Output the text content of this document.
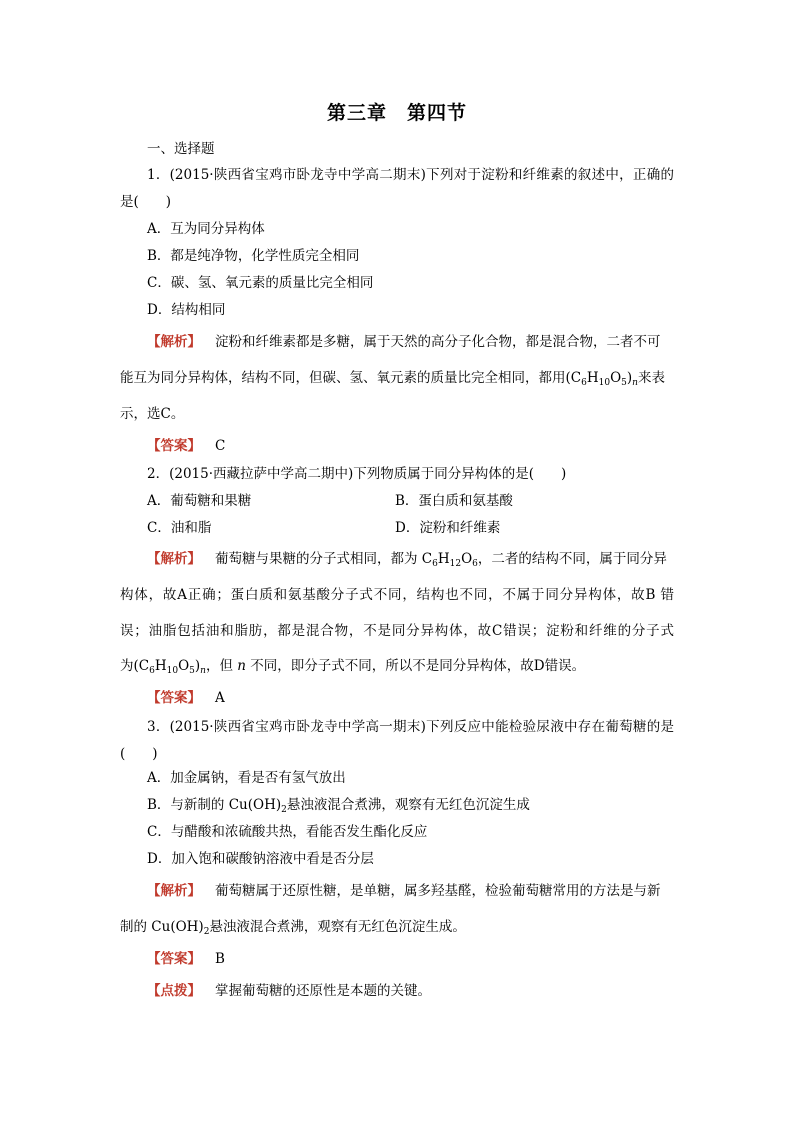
第三章　第四节
一、选择题
1．(2015·陕西省宝鸡市卧龙寺中学高二期末)下列对于淀粉和纤维素的叙述中，正确的
是(　　)
A．互为同分异构体
B．都是纯净物，化学性质完全相同
C．碳、氢、氧元素的质量比完全相同
D．结构相同
【解析】 淀粉和纤维素都是多糖，属于天然的高分子化合物，都是混合物，二者不可
能互为同分异构体，结构不同，但碳、氢、氧元素的质量比完全相同，都用$(C_6H_{10}O_5)_n$来表
示，选C。
【答案】 C
2．(2015·西藏拉萨中学高二期中)下列物质属于同分异构体的是(　　)
A．葡萄糖和果糖	B．蛋白质和氨基酸
C．油和脂	D．淀粉和纤维素
【解析】 葡萄糖与果糖的分子式相同，都为 $C_6H_{12}O_6$，二者的结构不同，属于同分异
构体，故A正确；蛋白质和氨基酸分子式不同，结构也不同，不属于同分异构体，故B 错
误；油脂包括油和脂肪，都是混合物，不是同分异构体，故C错误；淀粉和纤维的分子式
为$(C_6H_{10}O_5)_n$，但 n 不同，即分子式不同，所以不是同分异构体，故D错误。
【答案】 A
3．(2015·陕西省宝鸡市卧龙寺中学高一期末)下列反应中能检验尿液中存在葡萄糖的是
(　　)
A．加金属钠，看是否有氢气放出
B．与新制的 $Cu(OH)_2$悬浊液混合煮沸，观察有无红色沉淀生成
C．与醋酸和浓硫酸共热，看能否发生酯化反应
D．加入饱和碳酸钠溶液中看是否分层
【解析】 葡萄糖属于还原性糖，是单糖，属多羟基醛，检验葡萄糖常用的方法是与新
制的 $Cu(OH)_2$悬浊液混合煮沸，观察有无红色沉淀生成。
【答案】 B
【点拨】 掌握葡萄糖的还原性是本题的关键。
